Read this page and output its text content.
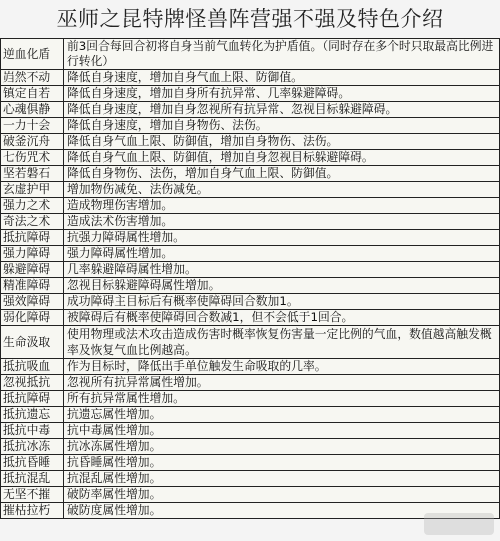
巫师之昆特牌怪兽阵营强不强及特色介绍
逆血化盾	前3回合每回合初将自身当前气血转化为护盾值。（同时存在多个时只取最高比例进行转化）
岿然不动	降低自身速度，增加自身气血上限、防御值。
镇定自若	降低自身速度，增加自身所有抗异常、几率躲避障碍。
心魂俱静	降低自身速度，增加自身忽视所有抗异常、忽视目标躲避障碍。
一力十会	降低自身速度，增加自身物伤、法伤。
破釜沉舟	降低自身气血上限、防御值，增加自身物伤、法伤。
七伤咒术	降低自身气血上限、防御值，增加自身忽视目标躲避障碍。
坚若磐石	降低自身物伤、法伤，增加自身气血上限、防御值。
玄虚护甲	增加物伤减免、法伤减免。
强力之术	造成物理伤害增加。
奇法之术	造成法术伤害增加。
抵抗障碍	抗强力障碍属性增加。
强力障碍	强力障碍属性增加。
躲避障碍	几率躲避障碍属性增加。
精准障碍	忽视目标躲避障碍属性增加。
强效障碍	成功障碍主目标后有概率使障碍回合数加1。
弱化障碍	被障碍后有概率使障碍回合数减1，但不会低于1回合。
生命汲取	使用物理或法术攻击造成伤害时概率恢复伤害量一定比例的气血，数值越高触发概率及恢复气血比例越高。
抵抗吸血	作为目标时，降低出手单位触发生命吸取的几率。
忽视抵抗	忽视所有抗异常属性增加。
抵抗障碍	所有抗异常属性增加。
抵抗遗忘	抗遗忘属性增加。
抵抗中毒	抗中毒属性增加。
抵抗冰冻	抗冰冻属性增加。
抵抗昏睡	抗昏睡属性增加。
抵抗混乱	抗混乱属性增加。
无坚不摧	破防率属性增加。
摧枯拉朽	破防度属性增加。
